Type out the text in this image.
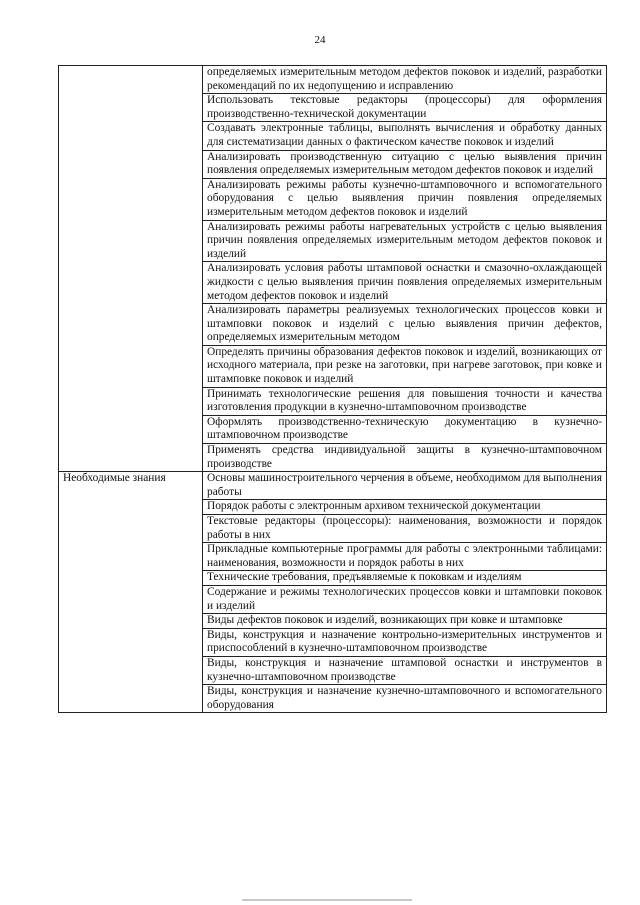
24
	определяемых измерительным методом дефектов поковок и изделий, разработки рекомендаций по их недопущению и исправлению
	Использовать текстовые редакторы (процессоры) для оформления производственно-технической документации
	Создавать электронные таблицы, выполнять вычисления и обработку данных для систематизации данных о фактическом качестве поковок и изделий
	Анализировать производственную ситуацию с целью выявления причин появления определяемых измерительным методом дефектов поковок и изделий
	Анализировать режимы работы кузнечно-штамповочного и вспомогательного оборудования с целью выявления причин появления определяемых измерительным методом дефектов поковок и изделий
	Анализировать режимы работы нагревательных устройств с целью выявления причин появления определяемых измерительным методом дефектов поковок и изделий
	Анализировать условия работы штамповой оснастки и смазочно-охлаждающей жидкости с целью выявления причин появления определяемых измерительным методом дефектов поковок и изделий
	Анализировать параметры реализуемых технологических процессов ковки и штамповки поковок и изделий с целью выявления причин дефектов, определяемых измерительным методом
	Определять причины образования дефектов поковок и изделий, возникающих от исходного материала, при резке на заготовки, при нагреве заготовок, при ковке и штамповке поковок и изделий
	Принимать технологические решения для повышения точности и качества изготовления продукции в кузнечно-штамповочном производстве
	Оформлять производственно-техническую документацию в кузнечно-штамповочном производстве
	Применять средства индивидуальной защиты в кузнечно-штамповочном производстве
Необходимые знания	Основы машиностроительного черчения в объеме, необходимом для выполнения работы
	Порядок работы с электронным архивом технической документации
	Текстовые редакторы (процессоры): наименования, возможности и порядок работы в них
	Прикладные компьютерные программы для работы с электронными таблицами: наименования, возможности и порядок работы в них
	Технические требования, предъявляемые к поковкам и изделиям
	Содержание и режимы технологических процессов ковки и штамповки поковок и изделий
	Виды дефектов поковок и изделий, возникающих при ковке и штамповке
	Виды, конструкция и назначение контрольно-измерительных инструментов и приспособлений в кузнечно-штамповочном производстве
	Виды, конструкция и назначение штамповой оснастки и инструментов в кузнечно-штамповочном производстве
	Виды, конструкция и назначение кузнечно-штамповочного и вспомогательного оборудования
